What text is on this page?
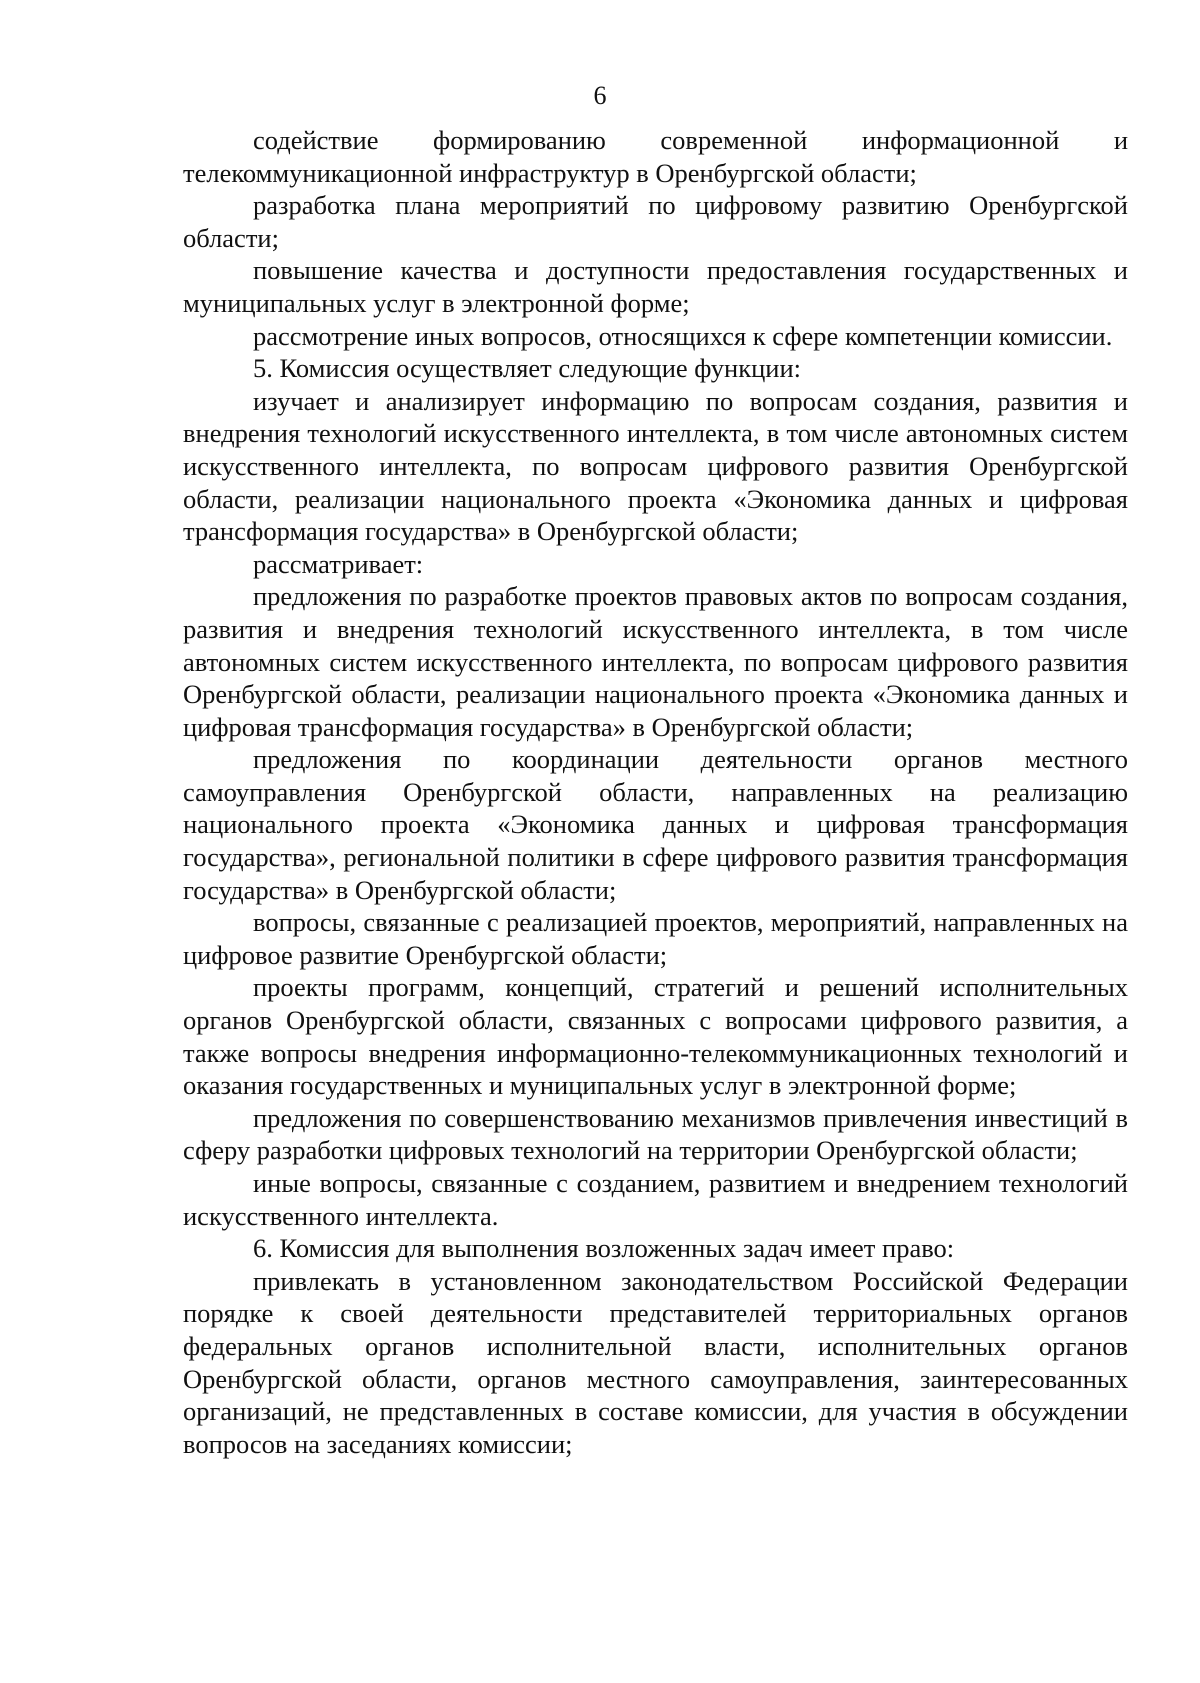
6

содействие формированию современной информационной и телекоммуникационной инфраструктур в Оренбургской области;

разработка плана мероприятий по цифровому развитию Оренбургской области;

повышение качества и доступности предоставления государственных и муниципальных услуг в электронной форме;

рассмотрение иных вопросов, относящихся к сфере компетенции комиссии.

5. Комиссия осуществляет следующие функции:

изучает и анализирует информацию по вопросам создания, развития и внедрения технологий искусственного интеллекта, в том числе автономных систем искусственного интеллекта, по вопросам цифрового развития Оренбургской области, реализации национального проекта «Экономика данных и цифровая трансформация государства» в Оренбургской области;

рассматривает:

предложения по разработке проектов правовых актов по вопросам создания, развития и внедрения технологий искусственного интеллекта, в том числе автономных систем искусственного интеллекта, по вопросам цифрового развития Оренбургской области, реализации национального проекта «Экономика данных и цифровая трансформация государства» в Оренбургской области;

предложения по координации деятельности органов местного самоуправления Оренбургской области, направленных на реализацию национального проекта «Экономика данных и цифровая трансформация государства», региональной политики в сфере цифрового развития трансформация государства» в Оренбургской области;

вопросы, связанные с реализацией проектов, мероприятий, направленных на цифровое развитие Оренбургской области;

проекты программ, концепций, стратегий и решений исполнительных органов Оренбургской области, связанных с вопросами цифрового развития, а также вопросы внедрения информационно-телекоммуникационных технологий и оказания государственных и муниципальных услуг в электронной форме;

предложения по совершенствованию механизмов привлечения инвестиций в сферу разработки цифровых технологий на территории Оренбургской области;

иные вопросы, связанные с созданием, развитием и внедрением технологий искусственного интеллекта.

6. Комиссия для выполнения возложенных задач имеет право:

привлекать в установленном законодательством Российской Федерации порядке к своей деятельности представителей территориальных органов федеральных органов исполнительной власти, исполнительных органов Оренбургской области, органов местного самоуправления, заинтересованных организаций, не представленных в составе комиссии, для участия в обсуждении вопросов на заседаниях комиссии;
